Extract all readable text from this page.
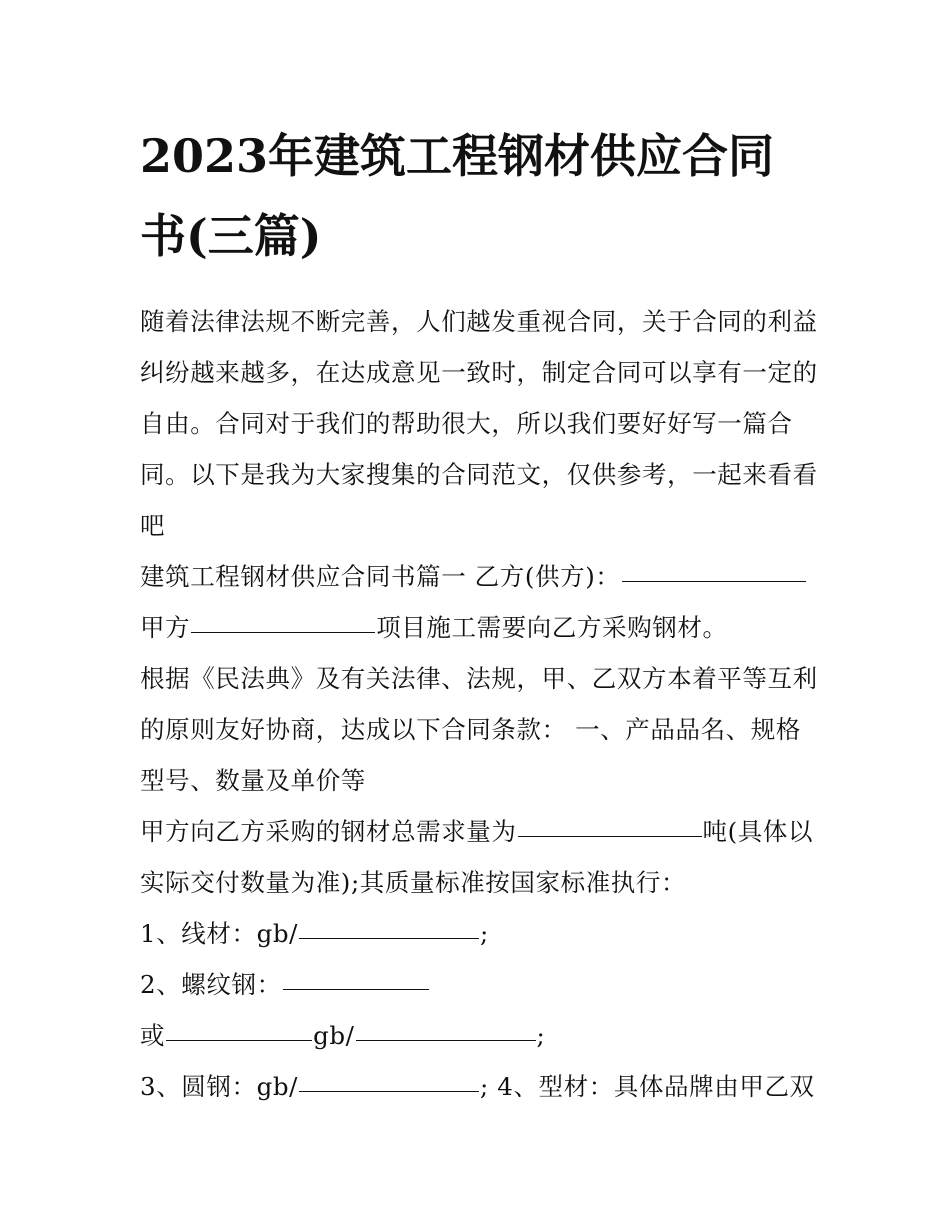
2023年建筑工程钢材供应合同书(三篇)

随着法律法规不断完善，人们越发重视合同，关于合同的利益纠纷越来越多，在达成意见一致时，制定合同可以享有一定的自由。合同对于我们的帮助很大，所以我们要好好写一篇合同。以下是我为大家搜集的合同范文，仅供参考，一起来看看吧

建筑工程钢材供应合同书篇一 乙方(供方)：甲方	项目施工需要向乙方采购钢材。

根据《民法典》及有关法律、法规，甲、乙双方本着平等互利的原则友好协商，达成以下合同条款： 一、产品品名、规格型号、数量及单价等

甲方向乙方采购的钢材总需求量为	吨(具体以实际交付数量为准);其质量标准按国家标准执行：

1、线材：gb/	;

2、螺纹钢：

或	gb/	;

3、圆钢：gb/	; 4、型材：具体品牌由甲乙双
